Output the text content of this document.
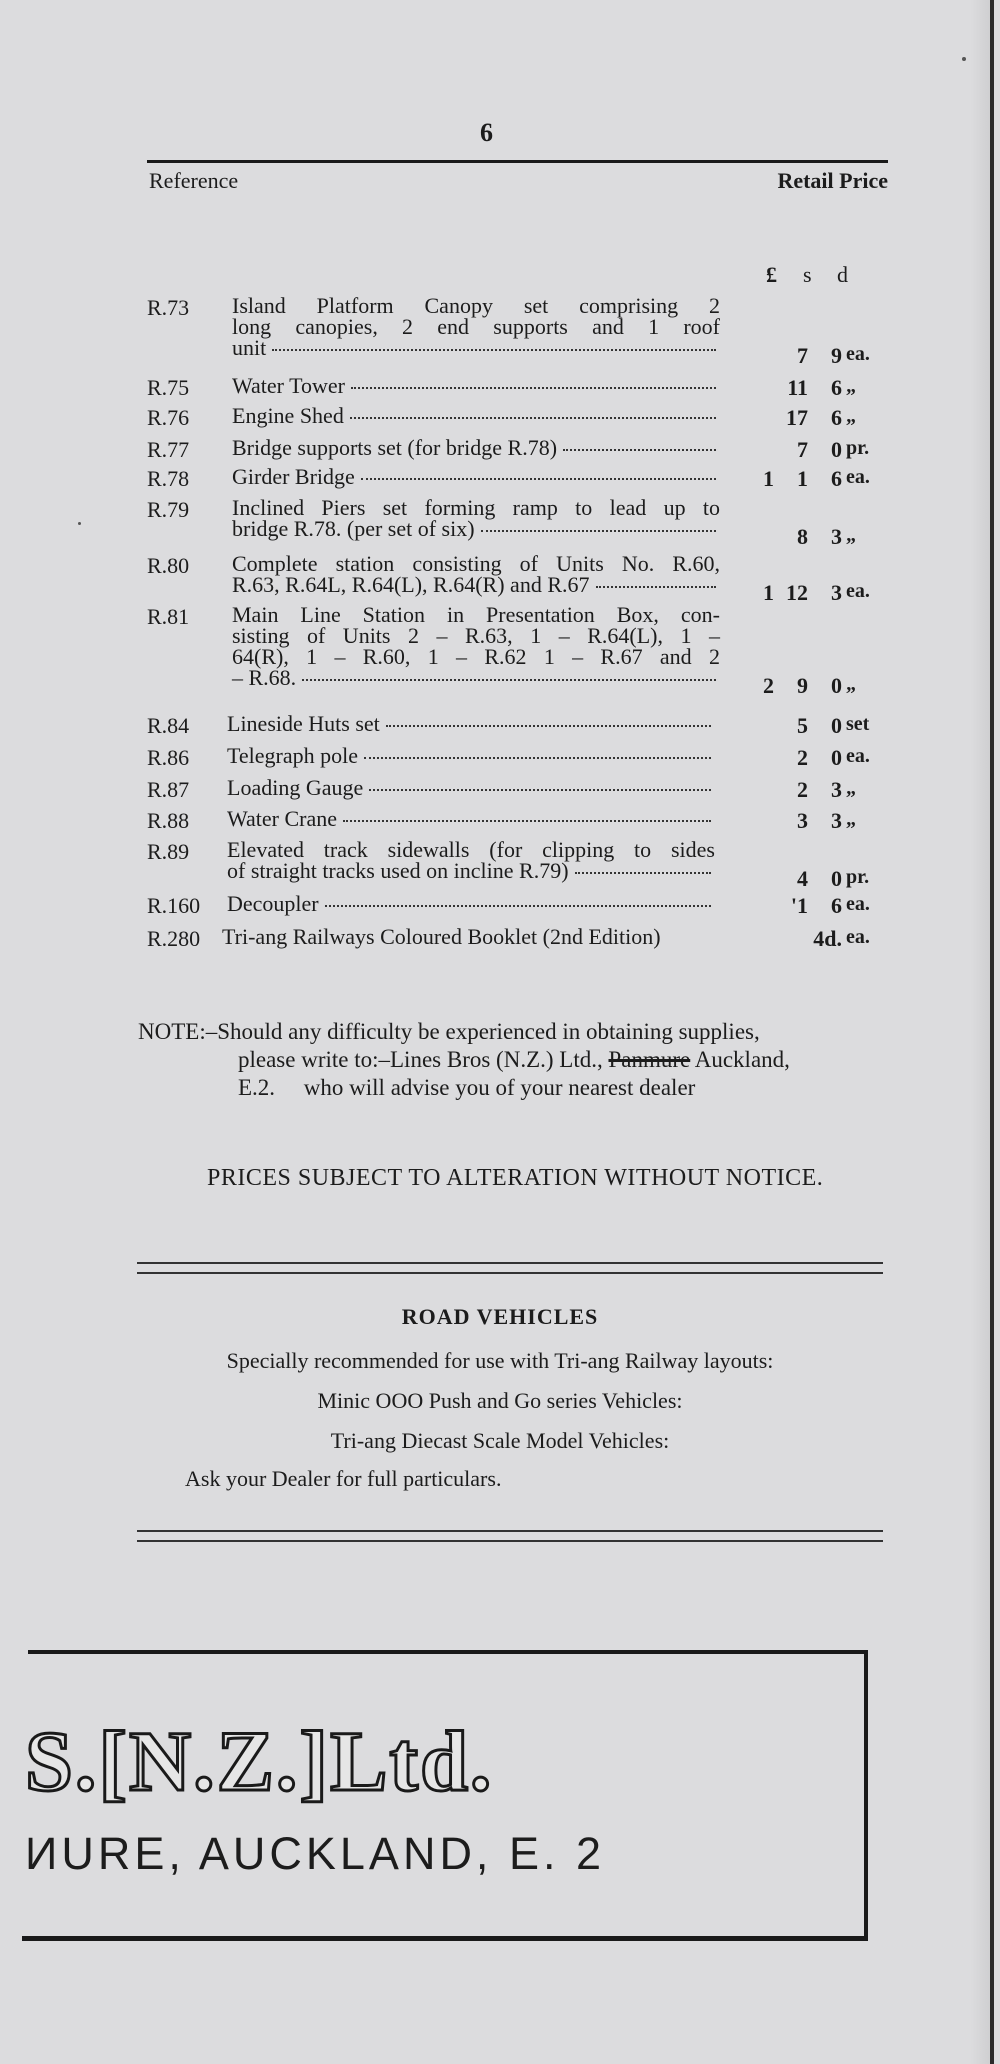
6
Reference	Retail Price
£ s d
R.73 Island Platform Canopy set comprising 2
long canopies, 2 end supports and 1 roof
unit	7 9 ea.
R.75 Water Tower	11 6 „
R.76 Engine Shed	17 6 „
R.77 Bridge supports set (for bridge R.78)	7 0 pr.
R.78 Girder Bridge	1 1 6 ea.
R.79 Inclined Piers set forming ramp to lead up to
bridge R.78. (per set of six)	8 3 „
R.80 Complete station consisting of Units No. R.60,
R.63, R.64L, R.64(L), R.64(R) and R.67	1 12 3 ea.
R.81 Main Line Station in Presentation Box, con-
sisting of Units 2 – R.63, 1 – R.64(L), 1 –
64(R), 1 – R.60, 1 – R.62 1 – R.67 and 2
– R.68.	2 9 0 „
R.84 Lineside Huts set	5 0 set
R.86 Telegraph pole	2 0 ea.
R.87 Loading Gauge	2 3 „
R.88 Water Crane	3 3 „
R.89 Elevated track sidewalls (for clipping to sides
of straight tracks used on incline R.79)	4 0 pr.
R.160 Decoupler	'1 6 ea.
R.280 Tri-ang Railways Coloured Booklet (2nd Edition)	4d. ea.
NOTE:–Should any difficulty be experienced in obtaining supplies,
please write to:–Lines Bros (N.Z.) Ltd., Panmure Auckland,
E.2.     who will advise you of your nearest dealer
PRICES SUBJECT TO ALTERATION WITHOUT NOTICE.
ROAD VEHICLES
Specially recommended for use with Tri-ang Railway layouts:
Minic OOO Push and Go series Vehicles:
Tri-ang Diecast Scale Model Vehicles:
Ask your Dealer for full particulars.
S.[N.Z.]Ltd.
ИURE, AUCKLAND, E. 2
